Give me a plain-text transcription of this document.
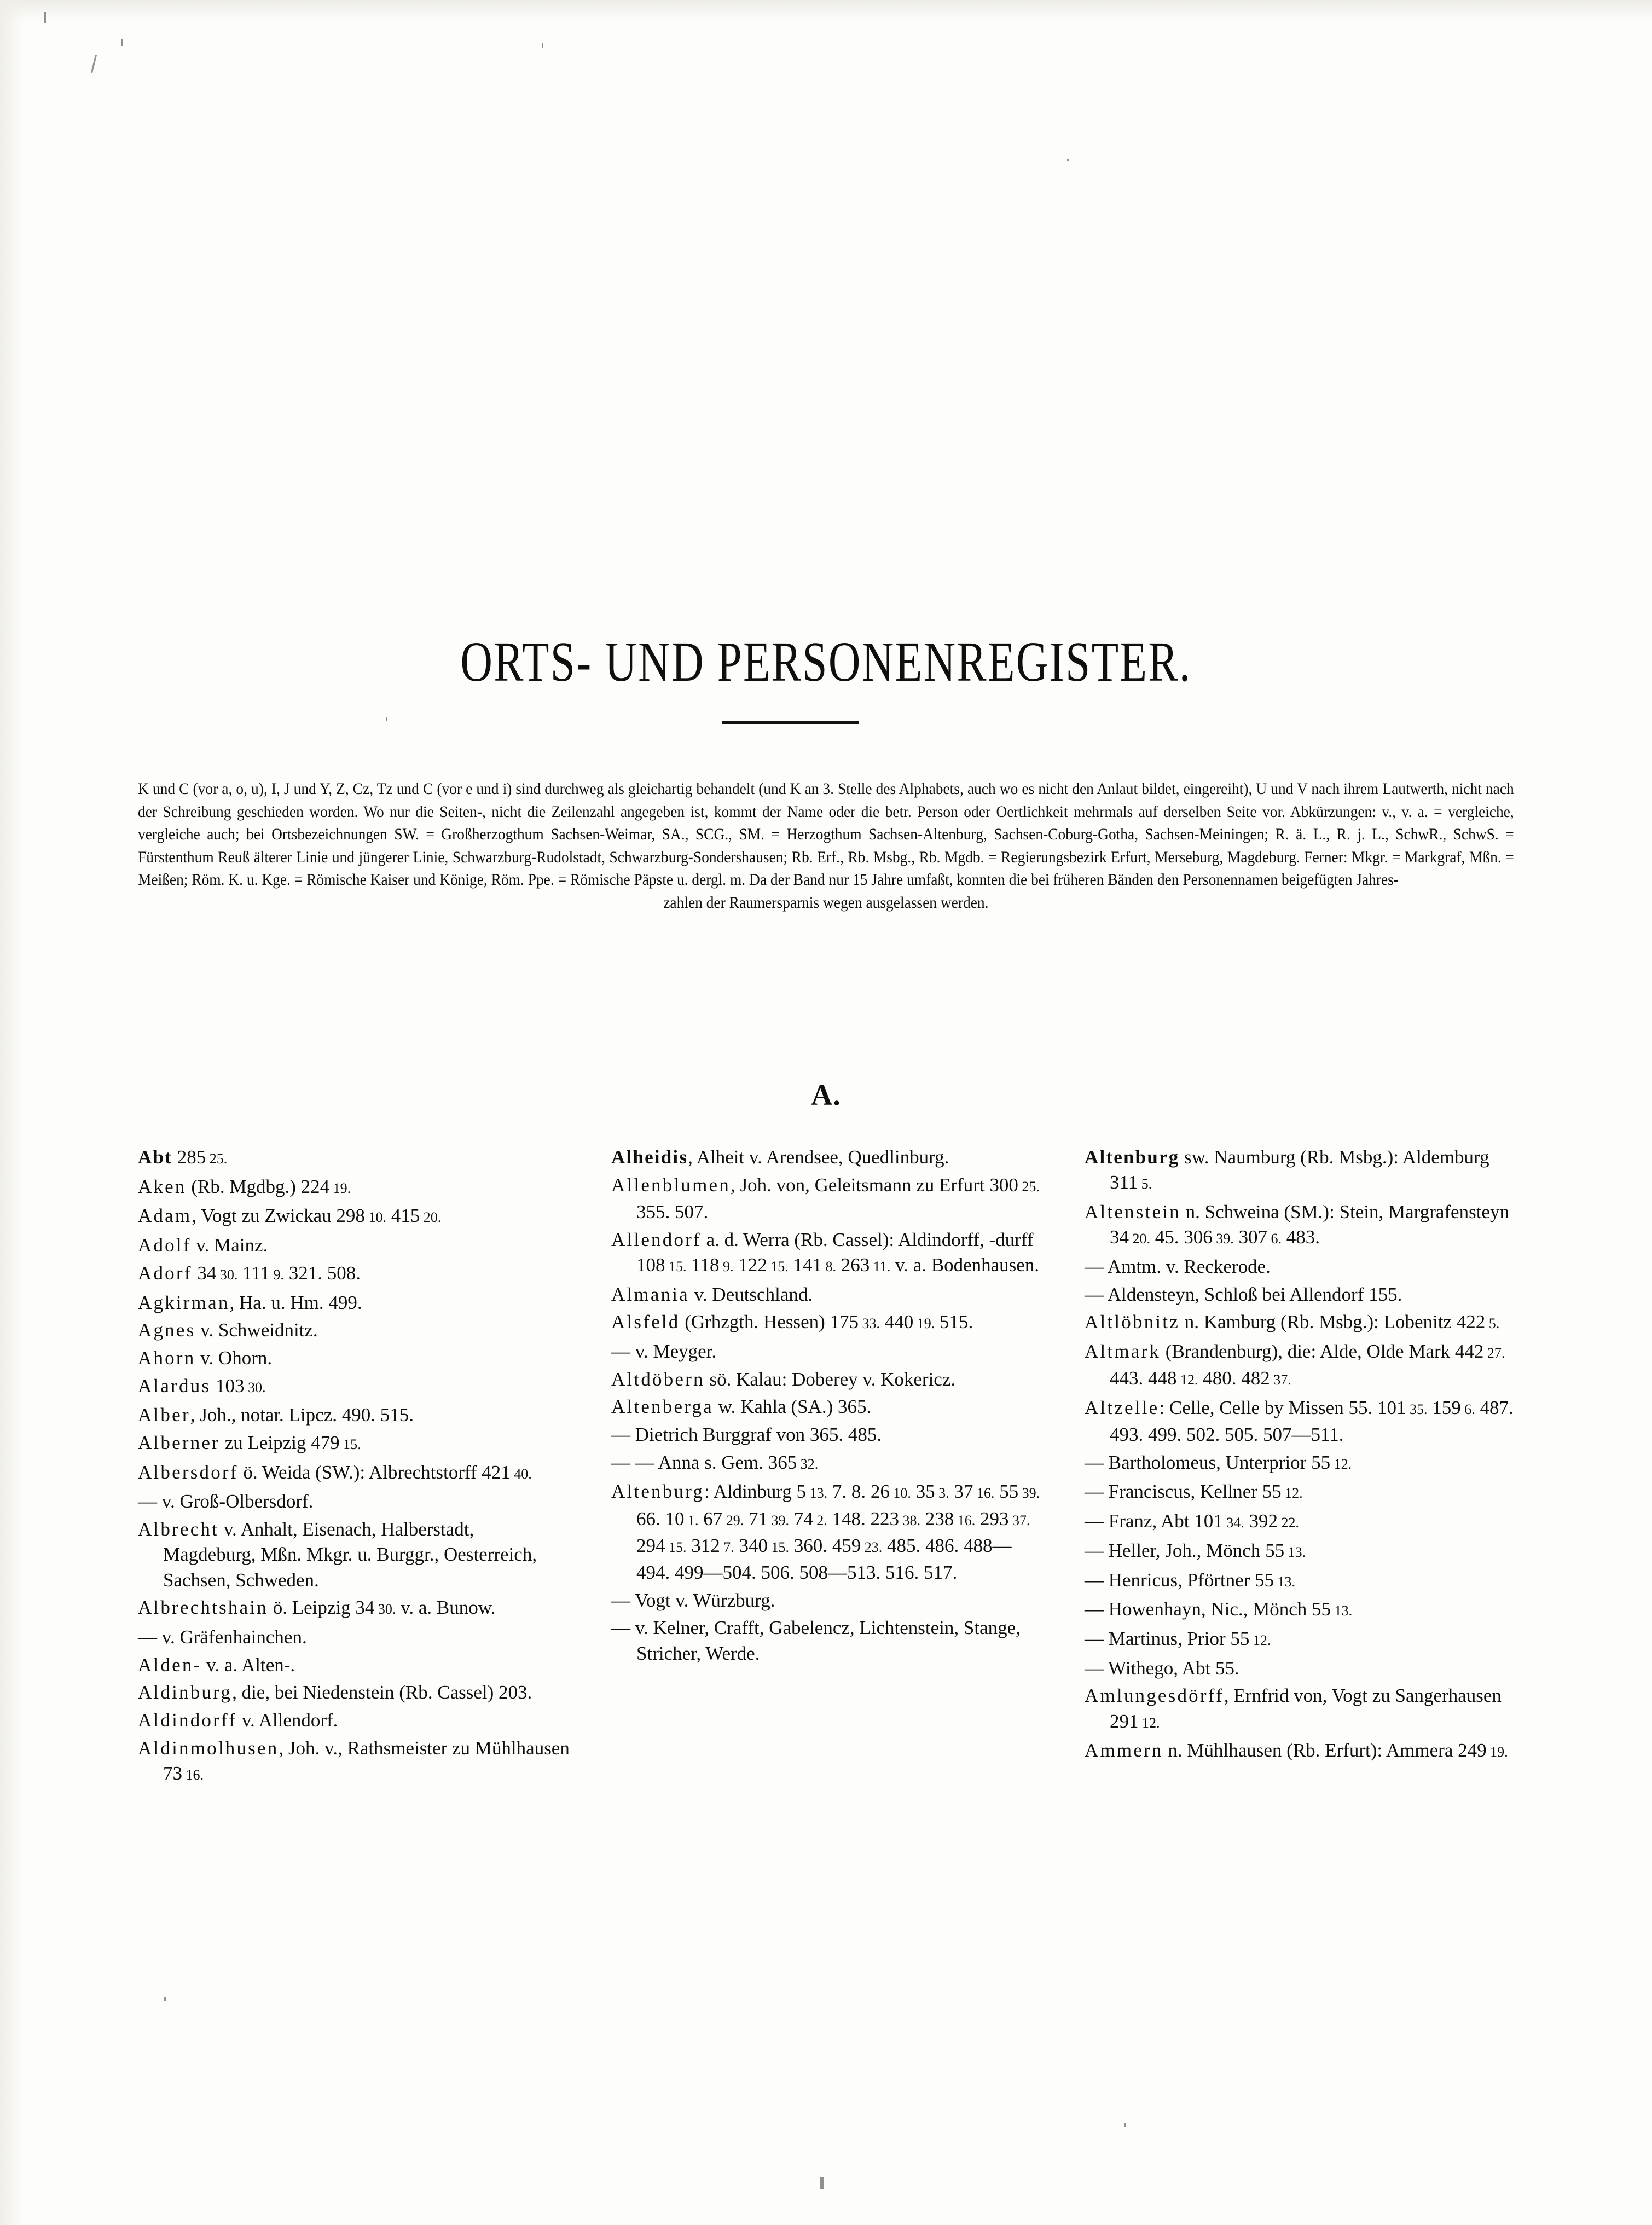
ORTS- UND PERSONENREGISTER.

K und C (vor a, o, u), I, J und Y, Z, Cz, Tz und C (vor e und i) sind durchweg als gleichartig behandelt (und K an 3. Stelle des Alphabets, auch wo es nicht den Anlaut bildet, eingereiht), U und V nach ihrem Lautwerth, nicht nach der Schreibung geschieden worden. Wo nur die Seiten-, nicht die Zeilenzahl angegeben ist, kommt der Name oder die betr. Person oder Oertlichkeit mehrmals auf derselben Seite vor. Abkürzungen: v., v. a. = vergleiche, vergleiche auch; bei Ortsbezeichnungen SW. = Großherzogthum Sachsen-Weimar, SA., SCG., SM. = Herzogthum Sachsen-Altenburg, Sachsen-Coburg-Gotha, Sachsen-Meiningen; R. ä. L., R. j. L., SchwR., SchwS. = Fürstenthum Reuß älterer Linie und jüngerer Linie, Schwarzburg-Rudolstadt, Schwarzburg-Sondershausen; Rb. Erf., Rb. Msbg., Rb. Mgdb. = Regierungsbezirk Erfurt, Merseburg, Magdeburg. Ferner: Mkgr. = Markgraf, Mßn. = Meißen; Röm. K. u. Kge. = Römische Kaiser und Könige, Röm. Ppe. = Römische Päpste u. dergl. m. Da der Band nur 15 Jahre umfaßt, konnten die bei früheren Bänden den Personennamen beigefügten Jahres-

zahlen der Raumersparnis wegen ausgelassen werden.

A.
Abt 285 25.
Aken (Rb. Mgdbg.) 224 19.
Adam, Vogt zu Zwickau 298 10. 415 20.
Adolf v. Mainz.
Adorf 34 30. 111 9. 321. 508.
Agkirman, Ha. u. Hm. 499.
Agnes v. Schweidnitz.
Ahorn v. Ohorn.
Alardus 103 30.
Alber, Joh., notar. Lipcz. 490. 515.
Alberner zu Leipzig 479 15.
Albersdorf ö. Weida (SW.): Albrechtstorff 421 40.
— v. Groß-Olbersdorf.
Albrecht v. Anhalt, Eisenach, Halberstadt, Magdeburg, Mßn. Mkgr. u. Burggr., Oesterreich, Sachsen, Schweden.
Albrechtshain ö. Leipzig 34 30. v. a. Bunow.
— v. Gräfenhainchen.
Alden- v. a. Alten-.
Aldinburg, die, bei Niedenstein (Rb. Cassel) 203.
Aldindorff v. Allendorf.
Aldinmolhusen, Joh. v., Rathsmeister zu Mühlhausen 73 16.
Alheidis, Alheit v. Arendsee, Quedlinburg.
Allenblumen, Joh. von, Geleitsmann zu Erfurt 300 25. 355. 507.
Allendorf a. d. Werra (Rb. Cassel): Aldindorff, -durff 108 15. 118 9. 122 15. 141 8. 263 11. v. a. Bodenhausen.
Almania v. Deutschland.
Alsfeld (Grhzgth. Hessen) 175 33. 440 19. 515.
— v. Meyger.
Altdöbern sö. Kalau: Doberey v. Kokericz.
Altenberga w. Kahla (SA.) 365.
— Dietrich Burggraf von 365. 485.
— — Anna s. Gem. 365 32.
Altenburg: Aldinburg 5 13. 7. 8. 26 10. 35 3. 37 16. 55 39. 66. 10 1. 67 29. 71 39. 74 2. 148. 223 38. 238 16. 293 37. 294 15. 312 7. 340 15. 360. 459 23. 485. 486. 488—494. 499—504. 506. 508—513. 516. 517.
— Vogt v. Würzburg.
— v. Kelner, Crafft, Gabelencz, Lichtenstein, Stange, Stricher, Werde.
Altenburg sw. Naumburg (Rb. Msbg.): Aldemburg 311 5.
Altenstein n. Schweina (SM.): Stein, Margrafensteyn 34 20. 45. 306 39. 307 6. 483.
— Amtm. v. Reckerode.
— Aldensteyn, Schloß bei Allendorf 155.
Altlöbnitz n. Kamburg (Rb. Msbg.): Lobenitz 422 5.
Altmark (Brandenburg), die: Alde, Olde Mark 442 27. 443. 448 12. 480. 482 37.
Altzelle: Celle, Celle by Missen 55. 101 35. 159 6. 487. 493. 499. 502. 505. 507—511.
— Bartholomeus, Unterprior 55 12.
— Franciscus, Kellner 55 12.
— Franz, Abt 101 34. 392 22.
— Heller, Joh., Mönch 55 13.
— Henricus, Pförtner 55 13.
— Howenhayn, Nic., Mönch 55 13.
— Martinus, Prior 55 12.
— Withego, Abt 55.
Amlungesdörff, Ernfrid von, Vogt zu Sangerhausen 291 12.
Ammern n. Mühlhausen (Rb. Erfurt): Ammera 249 19.
